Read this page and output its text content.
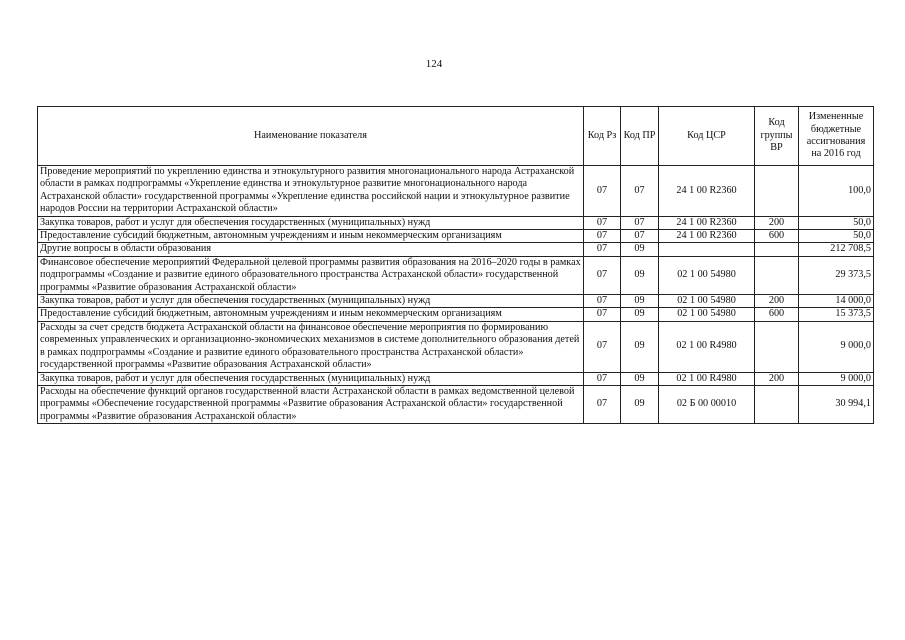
124
Наименование показателя	Код Рз	Код ПР	Код ЦСР	Код группы ВР	Измененные бюджетные ассигнования на 2016 год
Проведение мероприятий по укреплению единства и этнокультурного развития многонационального народа Астраханской области в рамках подпрограммы «Укрепление единства и этнокультурное развитие многонационального народа Астраханской области» государственной программы «Укрепление единства российской нации и этнокультурное развитие народов России на территории Астраханской области»	07	07	24 1 00 R2360		100,0
Закупка товаров, работ и услуг для обеспечения государственных (муниципальных) нужд	07	07	24 1 00 R2360	200	50,0
Предоставление субсидий бюджетным, автономным учреждениям и иным некоммерческим организациям	07	07	24 1 00 R2360	600	50,0
Другие вопросы в области образования	07	09			212 708,5
Финансовое обеспечение мероприятий Федеральной целевой программы развития образования на 2016–2020 годы в рамках подпрограммы «Создание и развитие единого образовательного пространства Астраханской области» государственной программы «Развитие образования Астраханской области»	07	09	02 1 00 54980		29 373,5
Закупка товаров, работ и услуг для обеспечения государственных (муниципальных) нужд	07	09	02 1 00 54980	200	14 000,0
Предоставление субсидий бюджетным, автономным учреждениям и иным некоммерческим организациям	07	09	02 1 00 54980	600	15 373,5
Расходы за счет средств бюджета Астраханской области на финансовое обеспечение мероприятия по формированию современных управленческих и организационно-экономических механизмов в системе дополнительного образования детей в рамках подпрограммы «Создание и развитие единого образовательного пространства Астраханской области» государственной программы «Развитие образования Астраханской области»	07	09	02 1 00 R4980		9 000,0
Закупка товаров, работ и услуг для обеспечения государственных (муниципальных) нужд	07	09	02 1 00 R4980	200	9 000,0
Расходы на обеспечение функций органов государственной власти Астраханской области в рамках ведомственной целевой программы «Обеспечение государственной программы «Развитие образования Астраханской области» государственной программы «Развитие образования Астраханской области»	07	09	02 Б 00 00010		30 994,1
